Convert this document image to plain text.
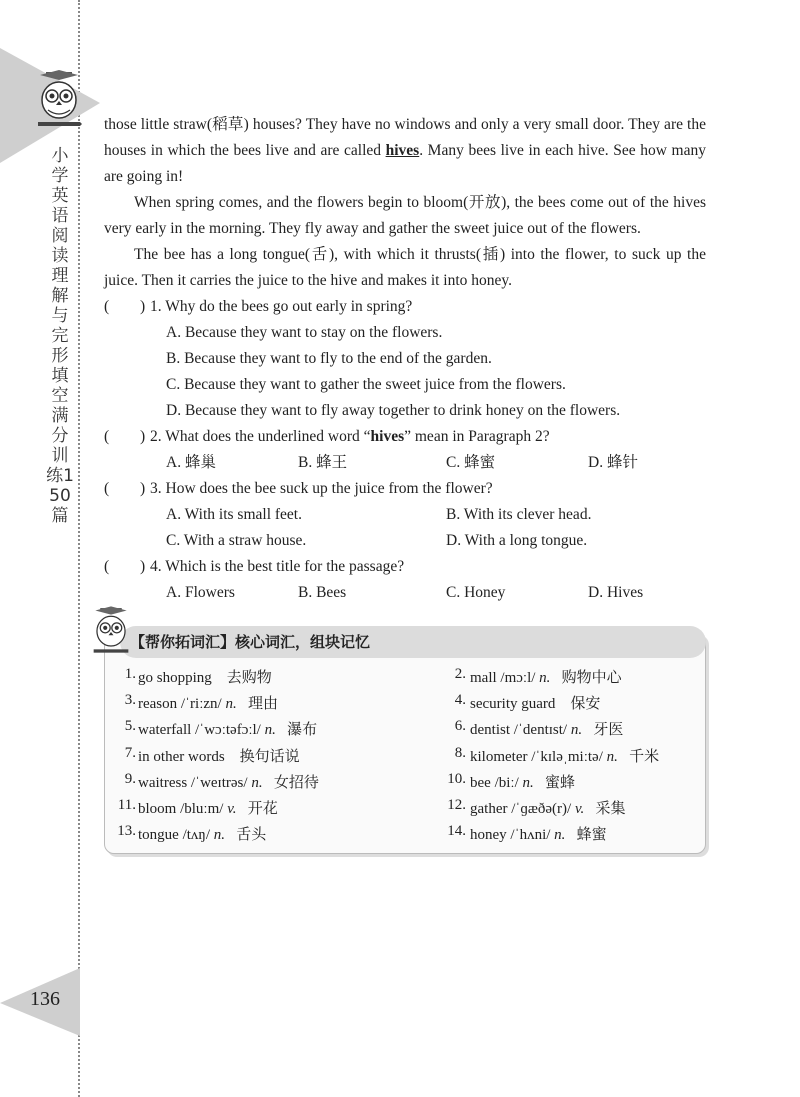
小学英语阅读理解与完形填空满分训练150篇
136

those little straw(稻草) houses? They have no windows and only a very small door. They are the houses in which the bees live and are called hives. Many bees live in each hive. See how many are going in!

When spring comes, and the flowers begin to bloom(开放), the bees come out of the hives very early in the morning. They fly away and gather the sweet juice out of the flowers.

The bee has a long tongue(舌), with which it thrusts(插) into the flower, to suck up the juice. Then it carries the juice to the hive and makes it into honey.

( ) 1. Why do the bees go out early in spring?
A. Because they want to stay on the flowers.
B. Because they want to fly to the end of the garden.
C. Because they want to gather the sweet juice from the flowers.
D. Because they want to fly away together to drink honey on the flowers.
( ) 2. What does the underlined word “hives” mean in Paragraph 2?
A. 蜂巢	B. 蜂王	C. 蜂蜜	D. 蜂针
( ) 3. How does the bee suck up the juice from the flower?
A. With its small feet.	B. With its clever head.
C. With a straw house.	D. With a long tongue.
( ) 4. Which is the best title for the passage?
A. Flowers	B. Bees	C. Honey	D. Hives
【帮你拓词汇】核心词汇，组块记忆
1. go shopping 去购物	2. mall /mɔːl/ n. 购物中心
3. reason /ˈriːzn/ n. 理由	4. security guard 保安
5. waterfall /ˈwɔːtəfɔːl/ n. 瀑布	6. dentist /ˈdentɪst/ n. 牙医
7. in other words 换句话说	8. kilometer /ˈkɪləˌmiːtə/ n. 千米
9. waitress /ˈweɪtrəs/ n. 女招待	10. bee /biː/ n. 蜜蜂
11. bloom /bluːm/ v. 开花	12. gather /ˈɡæðə(r)/ v. 采集
13. tongue /tʌŋ/ n. 舌头	14. honey /ˈhʌni/ n. 蜂蜜
